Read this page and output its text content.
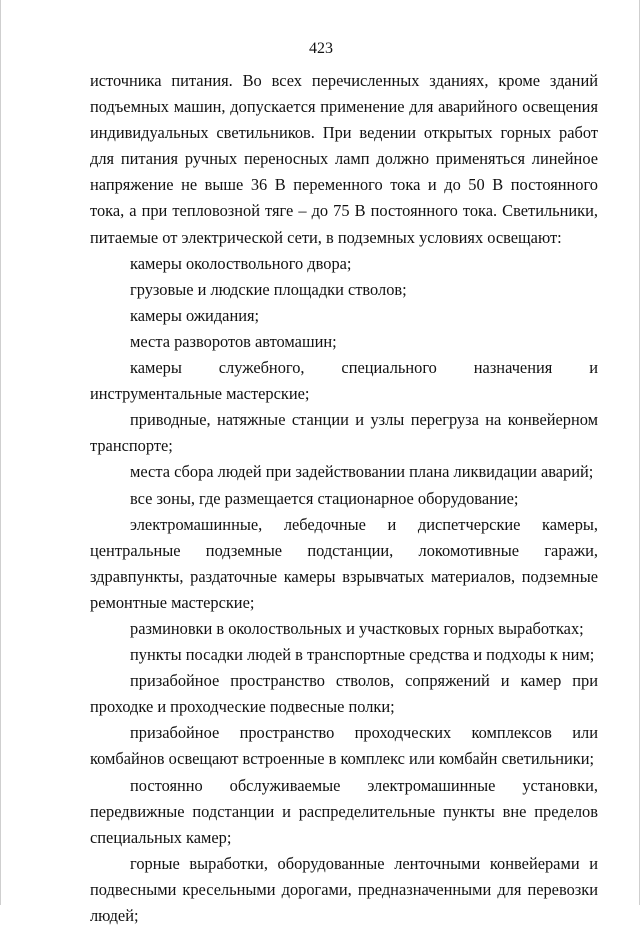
423

источника питания. Во всех перечисленных зданиях, кроме зданий подъемных машин, допускается применение для аварийного освещения индивидуальных светильников. При ведении открытых горных работ для питания ручных переносных ламп должно применяться линейное напряжение не выше 36 В переменного тока и до 50 В постоянного тока, а при тепловозной тяге – до 75 В постоянного тока. Светильники, питаемые от электрической сети, в подземных условиях освещают:

камеры околоствольного двора;

грузовые и людские площадки стволов;

камеры ожидания;

места разворотов автомашин;

камеры служебного, специального назначения и инструментальные мастерские;

приводные, натяжные станции и узлы перегруза на конвейерном транспорте;

места сбора людей при задействовании плана ликвидации аварий;

все зоны, где размещается стационарное оборудование;

электромашинные, лебедочные и диспетчерские камеры, центральные подземные подстанции, локомотивные гаражи, здравпункты, раздаточные камеры взрывчатых материалов, подземные ремонтные мастерские;

разминовки в околоствольных и участковых горных выработках;

пункты посадки людей в транспортные средства и подходы к ним;

призабойное пространство стволов, сопряжений и камер при проходке и проходческие подвесные полки;

призабойное пространство проходческих комплексов или комбайнов освещают встроенные в комплекс или комбайн светильники;

постоянно обслуживаемые электромашинные установки, передвижные подстанции и распределительные пункты вне пределов специальных камер;

горные выработки, оборудованные ленточными конвейерами и подвесными кресельными дорогами, предназначенными для перевозки людей;
